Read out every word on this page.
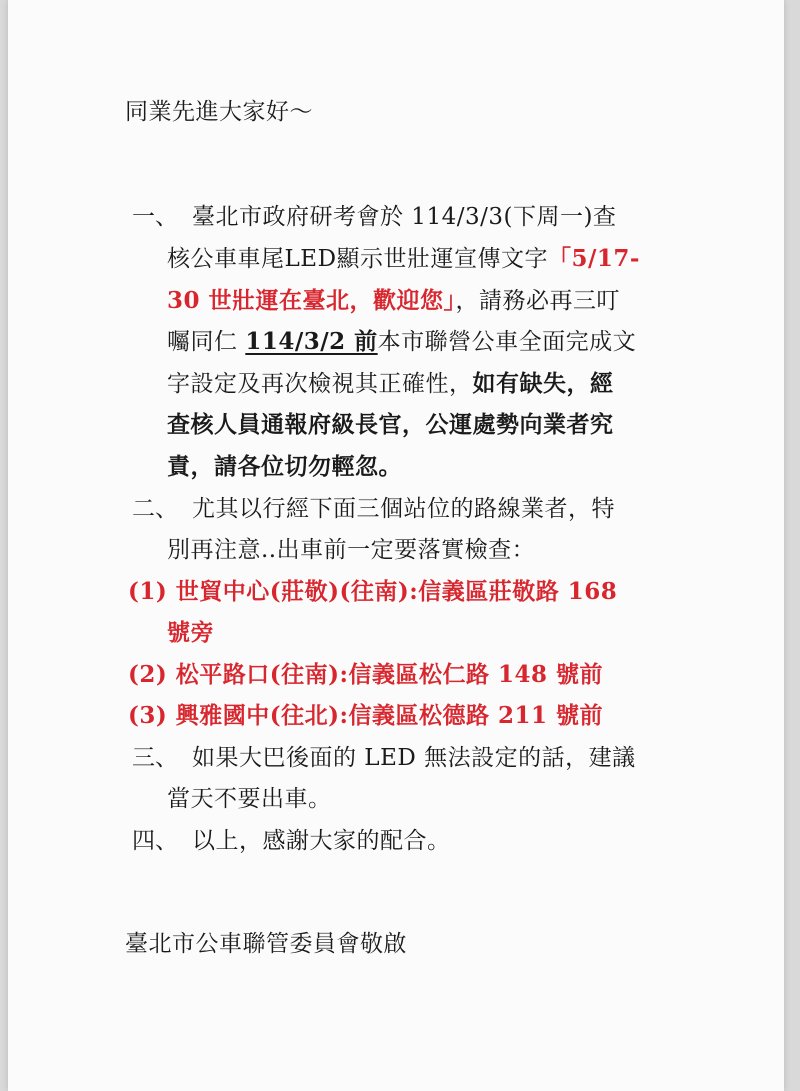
同業先進大家好～
一、 臺北市政府研考會於 114/3/3(下周一)查
核公車車尾LED顯示世壯運宣傳文字「5/17-
30 世壯運在臺北，歡迎您」，請務必再三叮
囑同仁 114/3/2 前本市聯營公車全面完成文
字設定及再次檢視其正確性，如有缺失，經
查核人員通報府級長官，公運處勢向業者究
責，請各位切勿輕忽。
二、 尤其以行經下面三個站位的路線業者，特
別再注意..出車前一定要落實檢查：
(1) 世貿中心(莊敬)(往南):信義區莊敬路 168
號旁
(2) 松平路口(往南):信義區松仁路 148 號前
(3) 興雅國中(往北):信義區松德路 211 號前
三、 如果大巴後面的 LED 無法設定的話，建議
當天不要出車。
四、 以上，感謝大家的配合。
臺北市公車聯管委員會敬啟
